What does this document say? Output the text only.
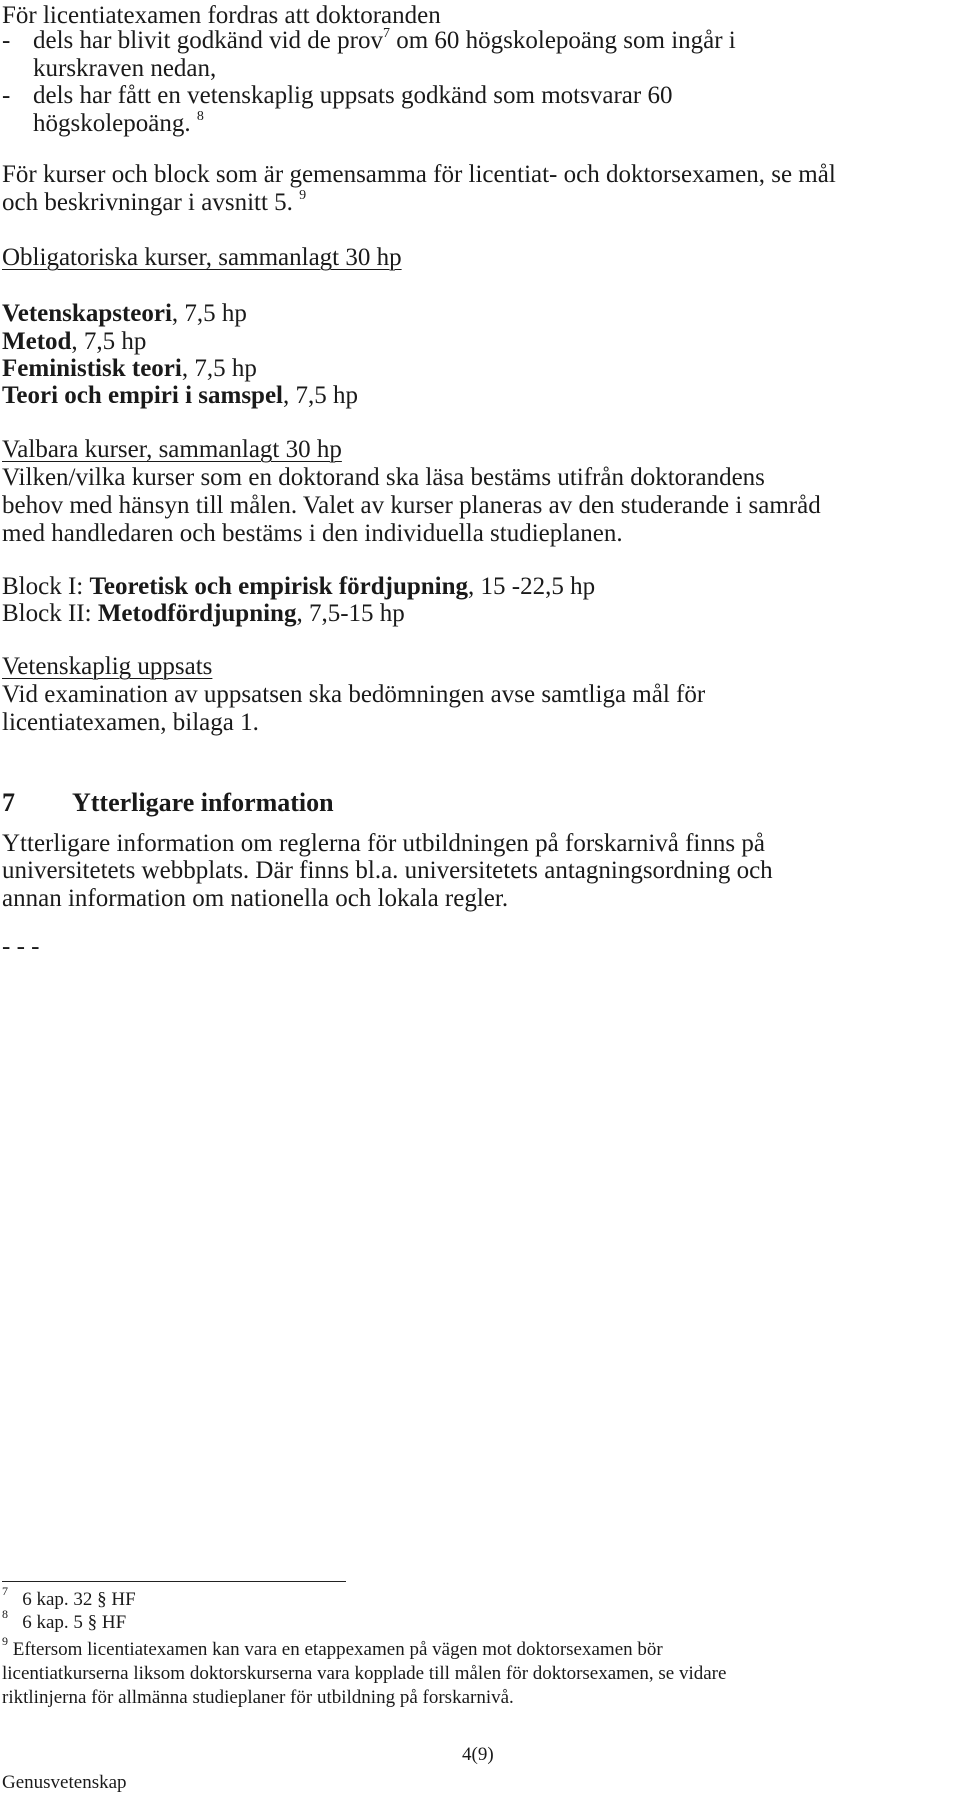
För licentiatexamen fordras att doktoranden
- dels har blivit godkänd vid de prov$^7$ om 60 högskolepoäng som ingår i
kurskraven nedan,
- dels har fått en vetenskaplig uppsats godkänd som motsvarar 60
högskolepoäng. $^8$
För kurser och block som är gemensamma för licentiat- och doktorsexamen, se mål
och beskrivningar i avsnitt 5. $^9$
Obligatoriska kurser, sammanlagt 30 hp
Vetenskapsteori, 7,5 hp
Metod, 7,5 hp
Feministisk teori, 7,5 hp
Teori och empiri i samspel, 7,5 hp
Valbara kurser, sammanlagt 30 hp
Vilken/vilka kurser som en doktorand ska läsa bestäms utifrån doktorandens
behov med hänsyn till målen. Valet av kurser planeras av den studerande i samråd
med handledaren och bestäms i den individuella studieplanen.
Block I: Teoretisk och empirisk fördjupning, 15 -22,5 hp
Block II: Metodfördjupning, 7,5-15 hp
Vetenskaplig uppsats
Vid examination av uppsatsen ska bedömningen avse samtliga mål för
licentiatexamen, bilaga 1.
7 Ytterligare information
Ytterligare information om reglerna för utbildningen på forskarnivå finns på
universitetets webbplats. Där finns bl.a. universitetets antagningsordning och
annan information om nationella och lokala regler.
- - -
$^7$ 6 kap. 32 § HF
$^8$ 6 kap. 5 § HF
$^9$ Eftersom licentiatexamen kan vara en etappexamen på vägen mot doktorsexamen bör
licentiatkurserna liksom doktorskurserna vara kopplade till målen för doktorsexamen, se vidare
riktlinjerna för allmänna studieplaner för utbildning på forskarnivå.
4(9)
Genusvetenskap
